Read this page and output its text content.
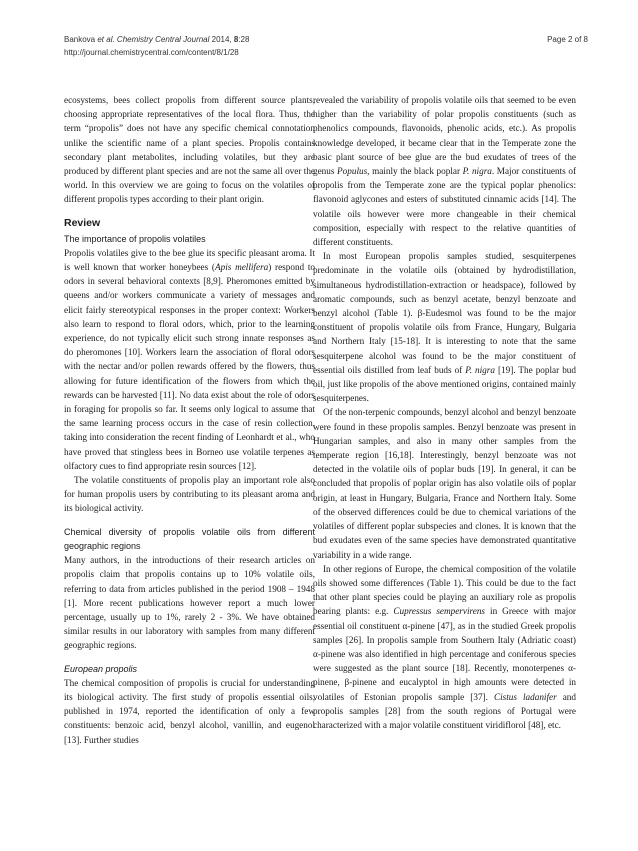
Bankova et al. Chemistry Central Journal 2014, 8:28
http://journal.chemistrycentral.com/content/8/1/28
Page 2 of 8

ecosystems, bees collect propolis from different source plants, choosing appropriate representatives of the local flora. Thus, the term “propolis” does not have any specific chemical connotation unlike the scientific name of a plant species. Propolis contains secondary plant metabolites, including volatiles, but they are produced by different plant species and are not the same all over the world. In this overview we are going to focus on the volatiles of different propolis types according to their plant origin.

Review
The importance of propolis volatiles

Propolis volatiles give to the bee glue its specific pleasant aroma. It is well known that worker honeybees (Apis mellifera) respond to odors in several behavioral contexts [8,9]. Pheromones emitted by queens and/or workers communicate a variety of messages and elicit fairly stereotypical responses in the proper context: Workers also learn to respond to floral odors, which, prior to the learning experience, do not typically elicit such strong innate responses as do pheromones [10]. Workers learn the association of floral odors with the nectar and/or pollen rewards offered by the flowers, thus allowing for future identification of the flowers from which the rewards can be harvested [11]. No data exist about the role of odors in foraging for propolis so far. It seems only logical to assume that the same learning process occurs in the case of resin collection, taking into consideration the recent finding of Leonhardt et al., who have proved that stingless bees in Borneo use volatile terpenes as olfactory cues to find appropriate resin sources [12].

The volatile constituents of propolis play an important role also for human propolis users by contributing to its pleasant aroma and its biological activity.

Chemical diversity of propolis volatile oils from different geographic regions

Many authors, in the introductions of their research articles on propolis claim that propolis contains up to 10% volatile oils, referring to data from articles published in the period 1908 – 1948 [1]. More recent publications however report a much lower percentage, usually up to 1%, rarely 2 - 3%. We have obtained similar results in our laboratory with samples from many different geographic regions.

European propolis

The chemical composition of propolis is crucial for understanding its biological activity. The first study of propolis essential oils, published in 1974, reported the identification of only a few constituents: benzoic acid, benzyl alcohol, vanillin, and eugenol [13]. Further studies

revealed the variability of propolis volatile oils that seemed to be even higher than the variability of polar propolis constituents (such as phenolics compounds, flavonoids, phenolic acids, etc.). As propolis knowledge developed, it became clear that in the Temperate zone the basic plant source of bee glue are the bud exudates of trees of the genus Populus, mainly the black poplar P. nigra. Major constituents of propolis from the Temperate zone are the typical poplar phenolics: flavonoid aglycones and esters of substituted cinnamic acids [14]. The volatile oils however were more changeable in their chemical composition, especially with respect to the relative quantities of different constituents.

In most European propolis samples studied, sesquiterpenes predominate in the volatile oils (obtained by hydrodistillation, simultaneous hydrodistillation-extraction or headspace), followed by aromatic compounds, such as benzyl acetate, benzyl benzoate and benzyl alcohol (Table 1). β-Eudesmol was found to be the major constituent of propolis volatile oils from France, Hungary, Bulgaria and Northern Italy [15-18]. It is interesting to note that the same sesquiterpene alcohol was found to be the major constituent of essential oils distilled from leaf buds of P. nigra [19]. The poplar bud oil, just like propolis of the above mentioned origins, contained mainly sesquiterpenes.

Of the non-terpenic compounds, benzyl alcohol and benzyl benzoate were found in these propolis samples. Benzyl benzoate was present in Hungarian samples, and also in many other samples from the temperate region [16,18]. Interestingly, benzyl benzoate was not detected in the volatile oils of poplar buds [19]. In general, it can be concluded that propolis of poplar origin has also volatile oils of poplar origin, at least in Hungary, Bulgaria, France and Northern Italy. Some of the observed differences could be due to chemical variations of the volatiles of different poplar subspecies and clones. It is known that the bud exudates even of the same species have demonstrated quantitative variability in a wide range.

In other regions of Europe, the chemical composition of the volatile oils showed some differences (Table 1). This could be due to the fact that other plant species could be playing an auxiliary role as propolis bearing plants: e.g. Cupressus sempervirens in Greece with major essential oil constituent α-pinene [47], as in the studied Greek propolis samples [26]. In propolis sample from Southern Italy (Adriatic coast) α-pinene was also identified in high percentage and coniferous species were suggested as the plant source [18]. Recently, monoterpenes α-pinene, β-pinene and eucalyptol in high amounts were detected in volatiles of Estonian propolis sample [37]. Cistus ladanifer and propolis samples [28] from the south regions of Portugal were characterized with a major volatile constituent viridiflorol [48], etc.
